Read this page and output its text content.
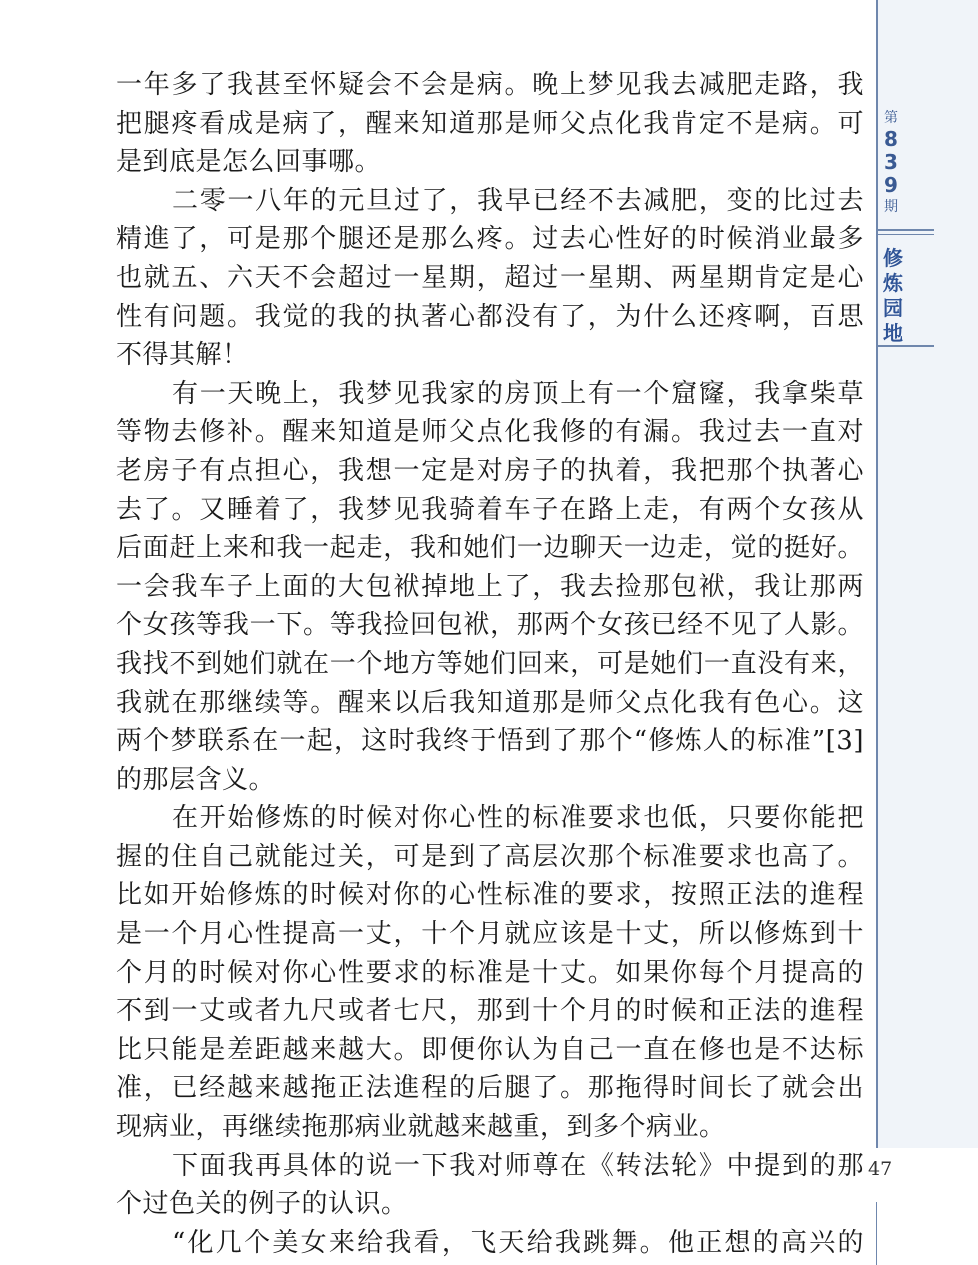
第
8
3
9
期
修
炼
园
地
一年多了我甚至怀疑会不会是病。晚上梦见我去减肥走路，我
把腿疼看成是病了，醒来知道那是师父点化我肯定不是病。可
是到底是怎么回事哪。
二零一八年的元旦过了，我早已经不去减肥，变的比过去
精進了，可是那个腿还是那么疼。过去心性好的时候消业最多
也就五、六天不会超过一星期，超过一星期、两星期肯定是心
性有问题。我觉的我的执著心都没有了，为什么还疼啊，百思
不得其解！
有一天晚上，我梦见我家的房顶上有一个窟窿，我拿柴草
等物去修补。醒来知道是师父点化我修的有漏。我过去一直对
老房子有点担心，我想一定是对房子的执着，我把那个执著心
去了。又睡着了，我梦见我骑着车子在路上走，有两个女孩从
后面赶上来和我一起走，我和她们一边聊天一边走，觉的挺好。
一会我车子上面的大包袱掉地上了，我去捡那包袱，我让那两
个女孩等我一下。等我捡回包袱，那两个女孩已经不见了人影。
我找不到她们就在一个地方等她们回来，可是她们一直没有来，
我就在那继续等。醒来以后我知道那是师父点化我有色心。这
两个梦联系在一起，这时我终于悟到了那个“修炼人的标准”[3]
的那层含义。
在开始修炼的时候对你心性的标准要求也低，只要你能把
握的住自己就能过关，可是到了高层次那个标准要求也高了。
比如开始修炼的时候对你的心性标准的要求，按照正法的進程
是一个月心性提高一丈，十个月就应该是十丈，所以修炼到十
个月的时候对你心性要求的标准是十丈。如果你每个月提高的
不到一丈或者九尺或者七尺，那到十个月的时候和正法的進程
比只能是差距越来越大。即便你认为自己一直在修也是不达标
准，已经越来越拖正法進程的后腿了。那拖得时间长了就会出
现病业，再继续拖那病业就越来越重，到多个病业。
下面我再具体的说一下我对师尊在《转法轮》中提到的那
个过色关的例子的认识。
“化几个美女来给我看，飞天给我跳舞。他正想的高兴的
47
